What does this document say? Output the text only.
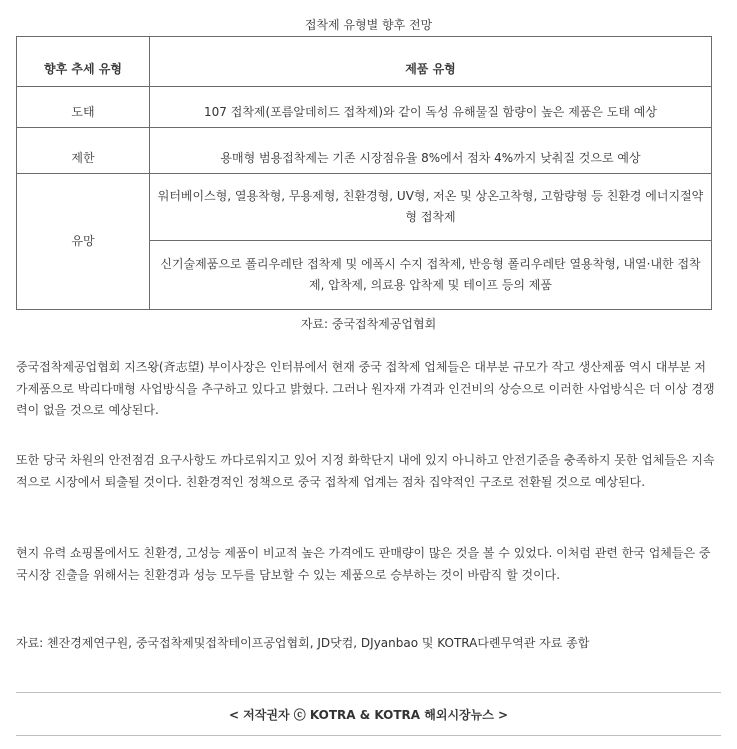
접착제 유형별 향후 전망
향후 추세 유형	제품 유형
도태	107 접착제(포름알데히드 접착제)와 같이 독성 유해물질 함량이 높은 제품은 도태 예상
제한	용매형 범용접착제는 기존 시장점유율 8%에서 점차 4%까지 낮춰질 것으로 예상
유망	워터베이스형, 열용착형, 무용제형, 친환경형, UV형, 저온 및 상온고착형, 고함량형 등 친환경 에너지절약형 접착제
	신기술제품으로 폴리우레탄 접착제 및 에폭시 수지 접착제, 반응형 폴리우레탄 열용착형, 내열·내한 접착제, 압착제, 의료용 압착제 및 테이프 등의 제품
자료: 중국접착제공업협회

중국접착제공업협회 지즈왕(斉志望) 부이사장은 인터뷰에서 현재 중국 접착제 업체들은 대부분 규모가 작고 생산제품 역시 대부분 저가제품으로 박리다매형 사업방식을 추구하고 있다고 밝혔다. 그러나 원자재 가격과 인건비의 상승으로 이러한 사업방식은 더 이상 경쟁력이 없을 것으로 예상된다.

또한 당국 차원의 안전점검 요구사항도 까다로워지고 있어 지정 화학단지 내에 있지 아니하고 안전기준을 충족하지 못한 업체들은 지속적으로 시장에서 퇴출될 것이다. 친환경적인 정책으로 중국 접착제 업계는 점차 집약적인 구조로 전환될 것으로 예상된다.

현지 유력 쇼핑몰에서도 친환경, 고성능 제품이 비교적 높은 가격에도 판매량이 많은 것을 볼 수 있었다. 이처럼 관련 한국 업체들은 중국시장 진출을 위해서는 친환경과 성능 모두를 담보할 수 있는 제품으로 승부하는 것이 바람직 할 것이다.

자료: 첸잔경제연구원, 중국접착제및접착테이프공업협회, JD닷컴, DJyanbao 및 KOTRA다롄무역관 자료 종합
< 저작권자 ⓒ KOTRA & KOTRA 해외시장뉴스 >
